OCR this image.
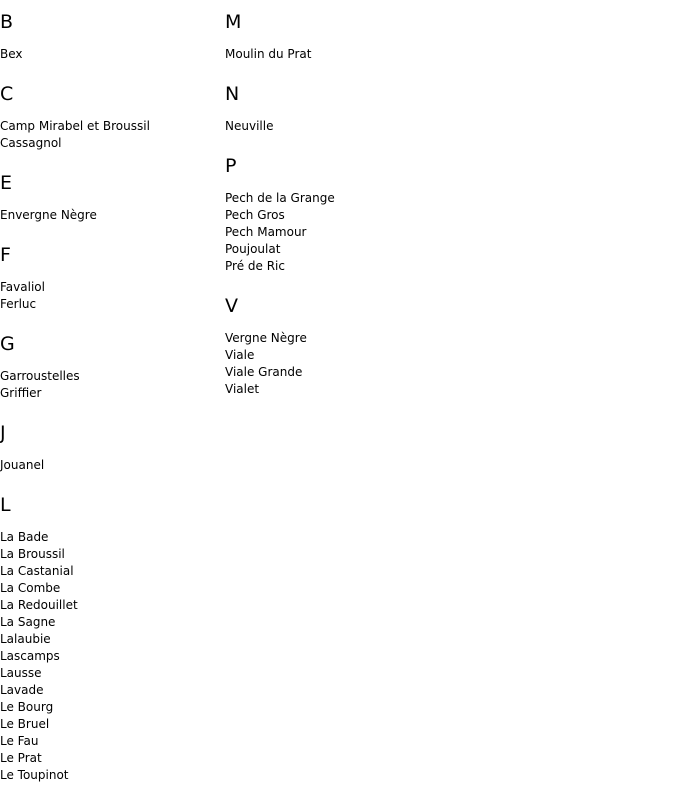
B
Bex
C
Camp Mirabel et Broussil
Cassagnol
E
Envergne Nègre
F
Favaliol
Ferluc
G
Garroustelles
Griffier
J
Jouanel
L
La Bade
La Broussil
La Castanial
La Combe
La Redouillet
La Sagne
Lalaubie
Lascamps
Lausse
Lavade
Le Bourg
Le Bruel
Le Fau
Le Prat
Le Toupinot
M
Moulin du Prat
N
Neuville
P
Pech de la Grange
Pech Gros
Pech Mamour
Poujoulat
Pré de Ric
V
Vergne Nègre
Viale
Viale Grande
Vialet
